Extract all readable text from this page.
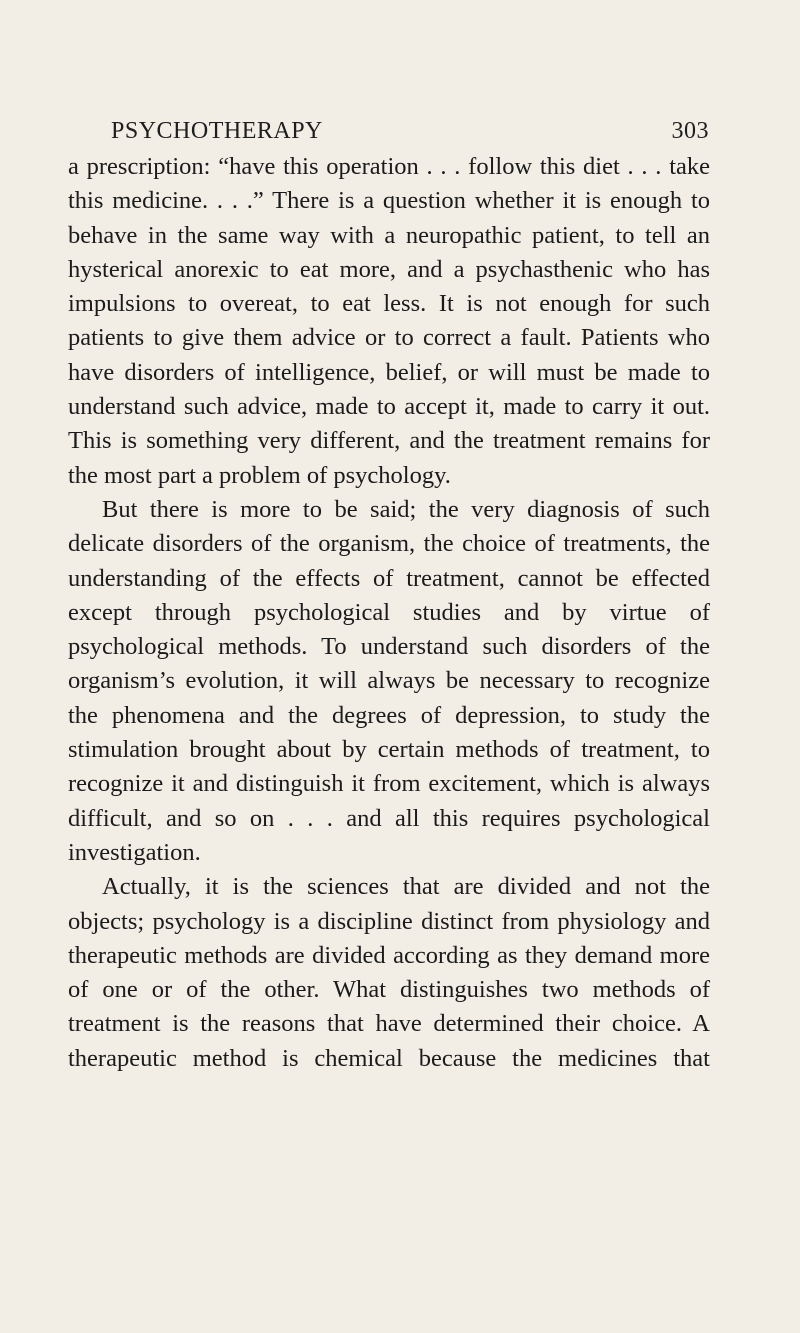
PSYCHOTHERAPY	303

a prescription: “have this operation . . . follow this diet . . . take this medicine. . . .” There is a question whether it is enough to behave in the same way with a neuropathic patient, to tell an hysterical anorexic to eat more, and a psychasthenic who has impulsions to overeat, to eat less. It is not enough for such patients to give them advice or to correct a fault. Patients who have disorders of intelligence, belief, or will must be made to understand such advice, made to accept it, made to carry it out. This is something very different, and the treatment remains for the most part a problem of psychology.

But there is more to be said; the very diagnosis of such delicate disorders of the organism, the choice of treatments, the understanding of the effects of treatment, cannot be effected except through psychological studies and by virtue of psychological methods. To understand such disorders of the organism’s evolution, it will always be necessary to recognize the phenomena and the degrees of depression, to study the stimulation brought about by certain methods of treatment, to recognize it and distinguish it from excitement, which is always difficult, and so on . . . and all this requires psychological investigation.

Actually, it is the sciences that are divided and not the objects; psychology is a discipline distinct from physiology and therapeutic methods are divided according as they demand more of one or of the other. What distinguishes two methods of treatment is the reasons that have determined their choice. A therapeutic method is chemical because the medicines that
